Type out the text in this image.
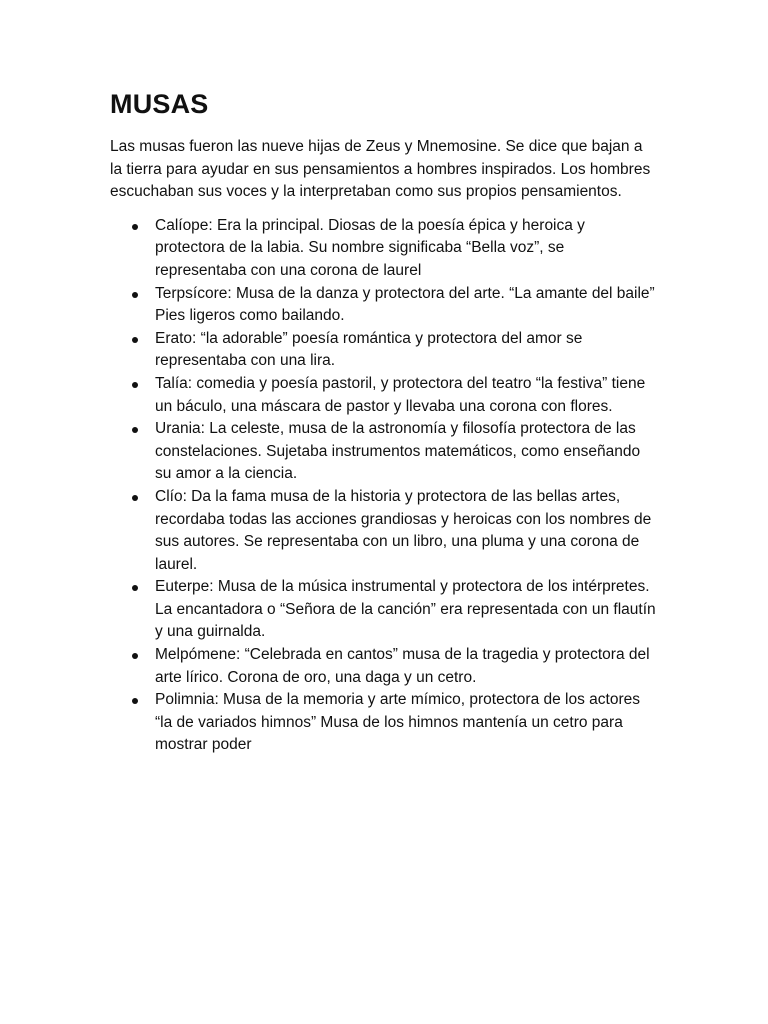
MUSAS

Las musas fueron las nueve hijas de Zeus y Mnemosine. Se dice que bajan a la tierra para ayudar en sus pensamientos a hombres inspirados. Los hombres escuchaban sus voces y la interpretaban como sus propios pensamientos.

Calíope: Era la principal. Diosas de la poesía épica y heroica y protectora de la labia. Su nombre significaba “Bella voz”, se representaba con una corona de laurel
Terpsícore: Musa de la danza y protectora del arte. “La amante del baile” Pies ligeros como bailando.
Erato: “la adorable” poesía romántica y protectora del amor se representaba con una lira.
Talía: comedia y poesía pastoril, y protectora del teatro “la festiva” tiene un báculo, una máscara de pastor y llevaba una corona con flores.
Urania: La celeste, musa de la astronomía y filosofía protectora de las constelaciones. Sujetaba instrumentos matemáticos, como enseñando su amor a la ciencia.
Clío: Da la fama musa de la historia y protectora de las bellas artes, recordaba todas las acciones grandiosas y heroicas con los nombres de sus autores. Se representaba con un libro, una pluma y una corona de laurel.
Euterpe: Musa de la música instrumental y protectora de los intérpretes. La encantadora o “Señora de la canción” era representada con un flautín y una guirnalda.
Melpómene: “Celebrada en cantos” musa de la tragedia y protectora del arte lírico. Corona de oro, una daga y un cetro.
Polimnia: Musa de la memoria y arte mímico, protectora de los actores “la de variados himnos” Musa de los himnos mantenía un cetro para mostrar poder
